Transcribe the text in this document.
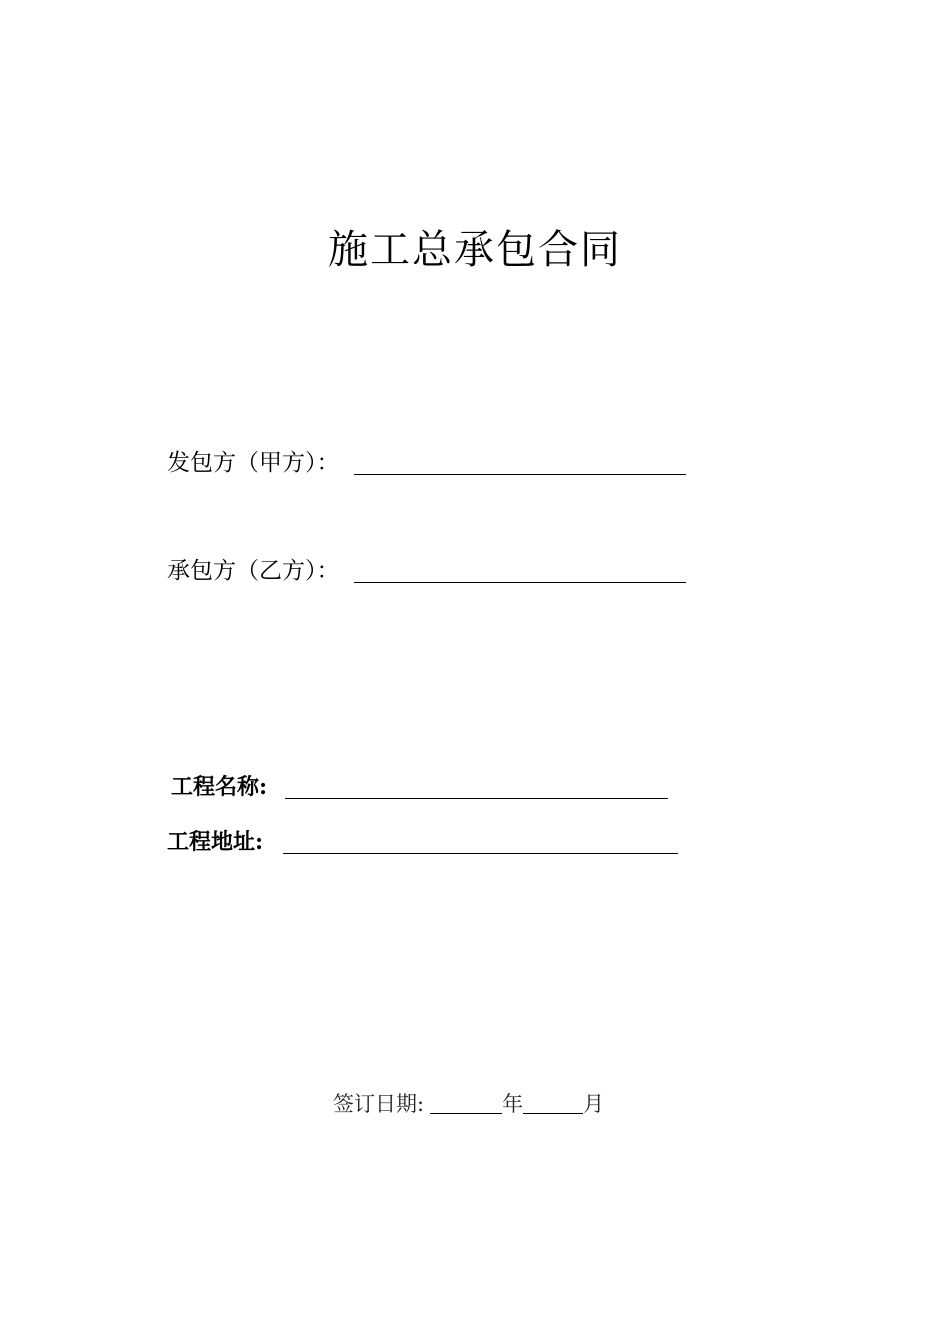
施工总承包合同
发包方（甲方）：
承包方（乙方）：
工程名称:
工程地址:
签订日期:	年	月
